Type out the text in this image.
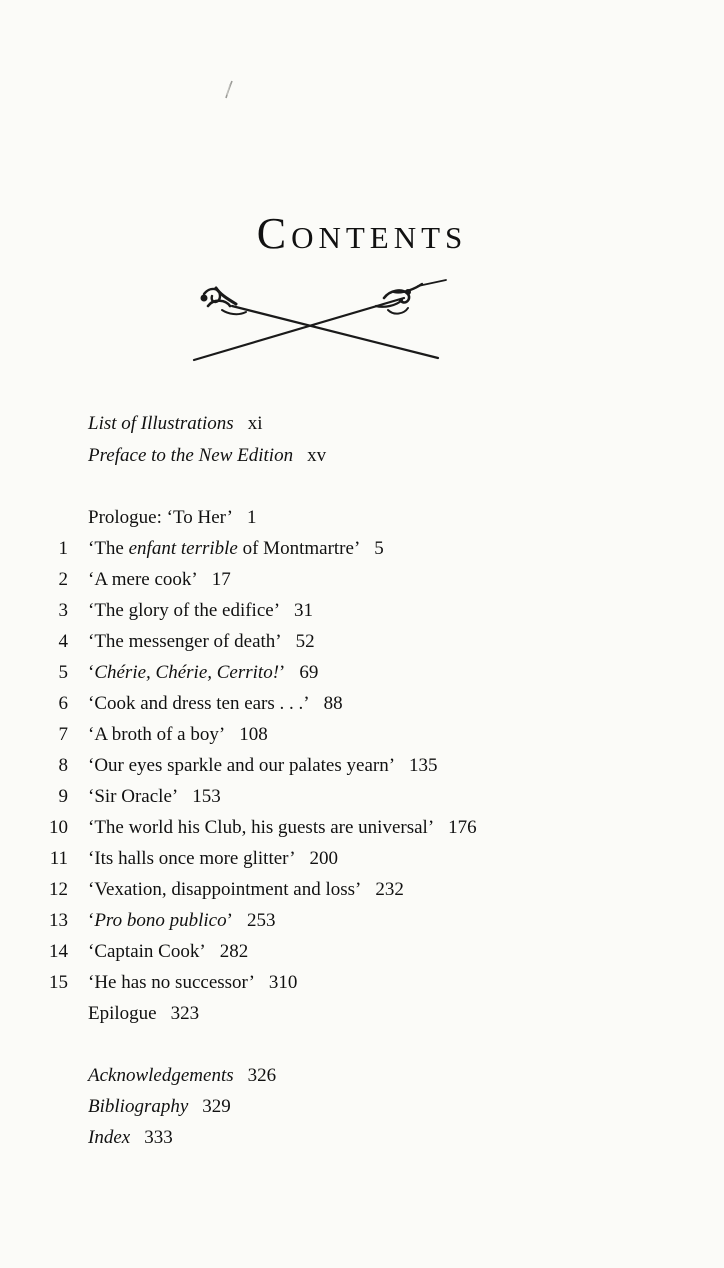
Contents
List of Illustrations xi
Preface to the New Edition xv
Prologue: ‘To Her’ 1
1 ‘The enfant terrible of Montmartre’ 5
2 ‘A mere cook’ 17
3 ‘The glory of the edifice’ 31
4 ‘The messenger of death’ 52
5 ‘Chérie, Chérie, Cerrito!’ 69
6 ‘Cook and dress ten ears . . .’ 88
7 ‘A broth of a boy’ 108
8 ‘Our eyes sparkle and our palates yearn’ 135
9 ‘Sir Oracle’ 153
10 ‘The world his Club, his guests are universal’ 176
11 ‘Its halls once more glitter’ 200
12 ‘Vexation, disappointment and loss’ 232
13 ‘Pro bono publico’ 253
14 ‘Captain Cook’ 282
15 ‘He has no successor’ 310
Epilogue 323
Acknowledgements 326
Bibliography 329
Index 333
